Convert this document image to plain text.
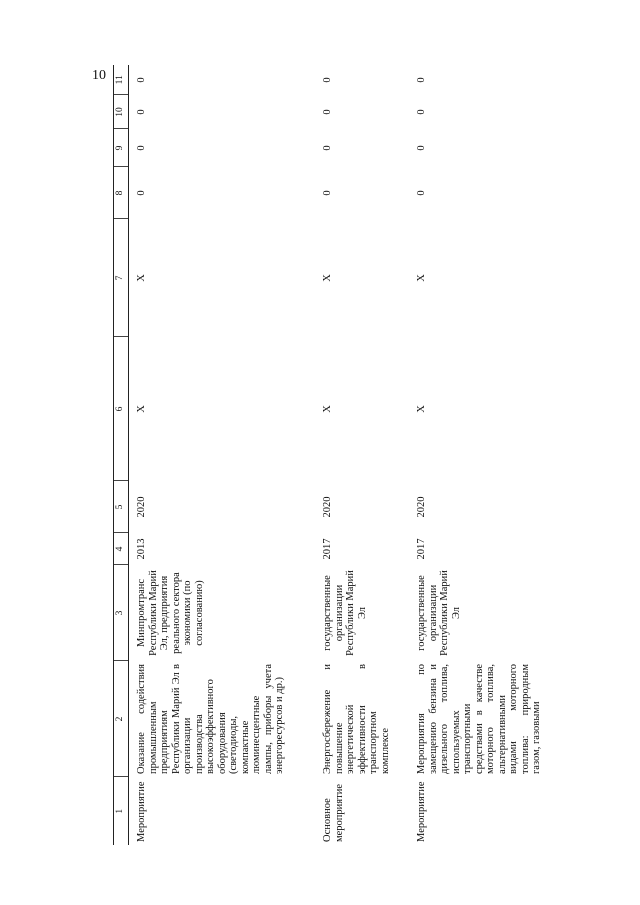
10
1	2	3	4	5	6	7	8	9	10	11

Мероприятие	Оказание содействия промышленным предприятиям Республики Марий Эл в организации производства высокоэффективного оборудования (светодиоды, компактные люминесцентные лампы, приборы учета энергоресурсов и др.)	Минпромтранс Республики Марий Эл, предприятия реального сектора экономики (по согласованию)	2013	2020	X	X	0	0	0	0
Основное мероприятие	Энергосбережение и повышение энергетической эффективности в транспортном комплексе	государственные организации Республики Марий Эл	2017	2020	X	X	0	0	0	0
Мероприятие	Мероприятия по замещению бензина и дизельного топлива, используемых транспортными средствами в качестве моторного топлива, альтернативными видами моторного топлива: природным газом, газовыми	государственные организации Республики Марий Эл	2017	2020	X	X	0	0	0	0
